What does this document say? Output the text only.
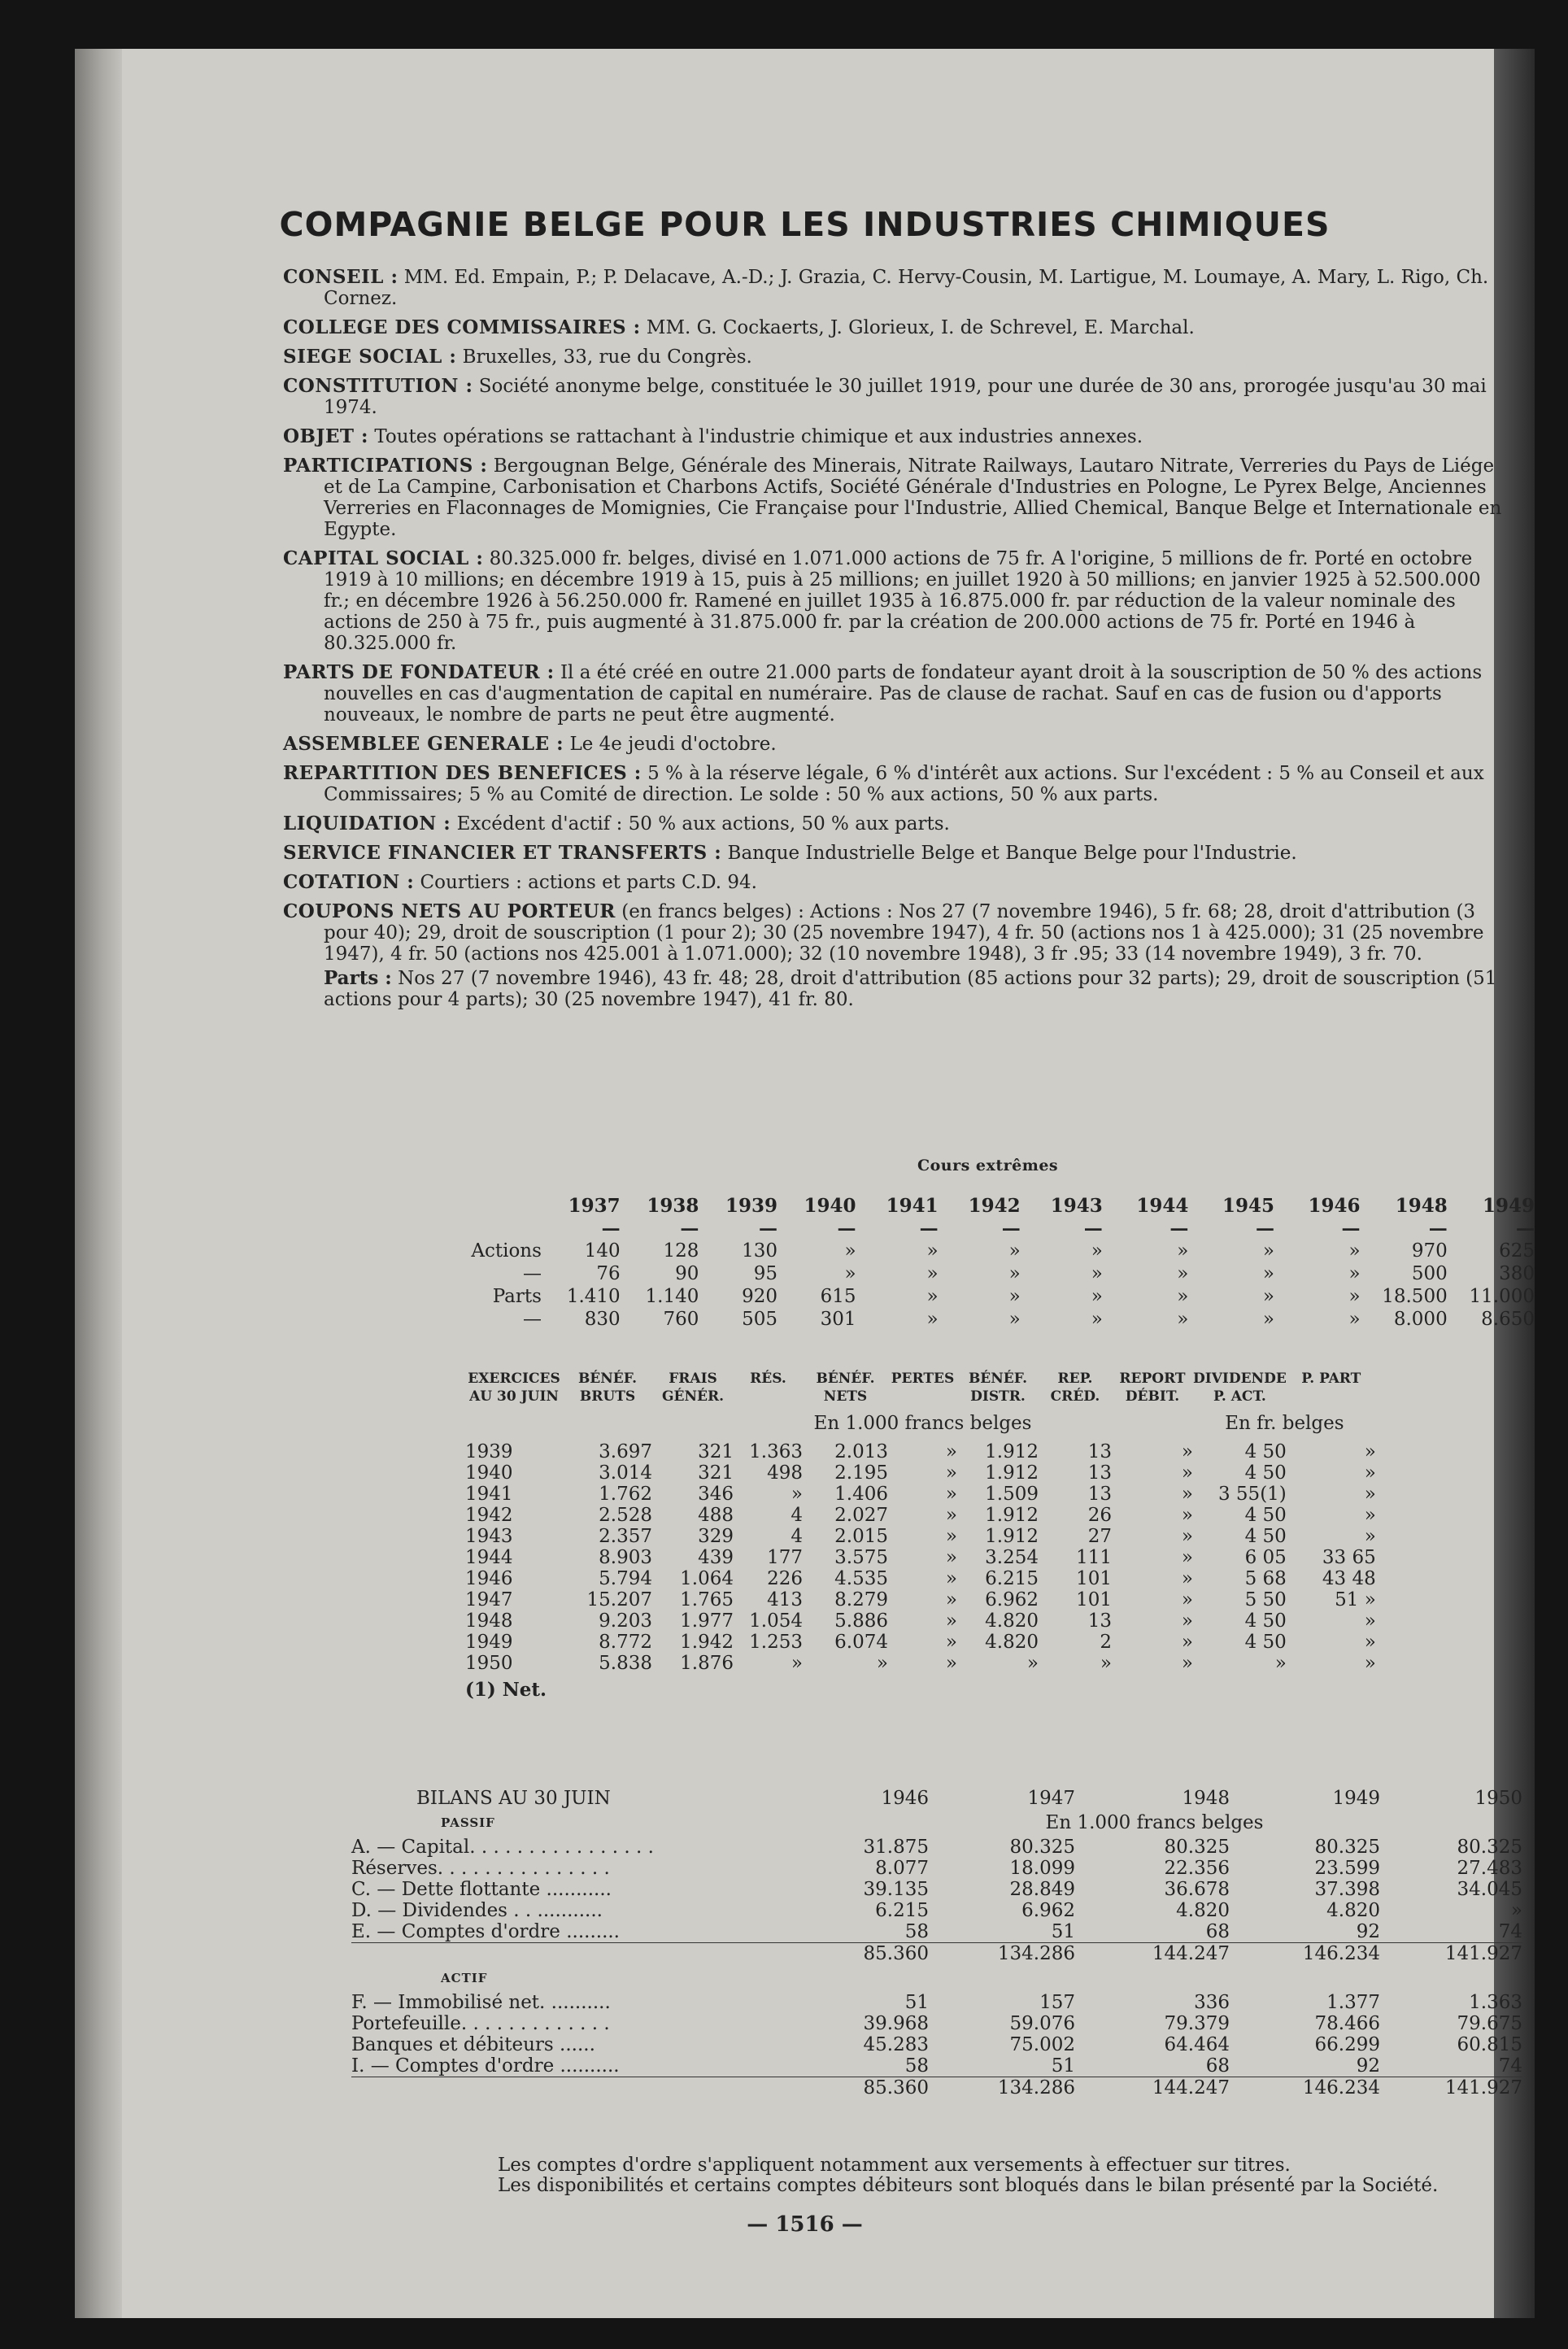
COMPAGNIE BELGE POUR LES INDUSTRIES CHIMIQUES
CONSEIL : MM. Ed. Empain, P.; P. Delacave, A.-D.; J. Grazia, C. Hervy-Cousin, M. Lartigue, M. Loumaye, A. Mary, L. Rigo, Ch. Cornez.
COLLEGE DES COMMISSAIRES : MM. G. Cockaerts, J. Glorieux, I. de Schrevel, E. Marchal.
SIEGE SOCIAL : Bruxelles, 33, rue du Congrès.
CONSTITUTION : Société anonyme belge, constituée le 30 juillet 1919, pour une durée de 30 ans, prorogée jusqu'au 30 mai 1974.
OBJET : Toutes opérations se rattachant à l'industrie chimique et aux industries annexes.
PARTICIPATIONS : Bergougnan Belge, Générale des Minerais, Nitrate Railways, Lautaro Nitrate, Verreries du Pays de Liége et de La Campine, Carbonisation et Charbons Actifs, Société Générale d'Industries en Pologne, Le Pyrex Belge, Anciennes Verreries en Flaconnages de Momignies, Cie Française pour l'Industrie, Allied Chemical, Banque Belge et Internationale en Egypte.
CAPITAL SOCIAL : 80.325.000 fr. belges, divisé en 1.071.000 actions de 75 fr. A l'origine, 5 millions de fr. Porté en octobre 1919 à 10 millions; en décembre 1919 à 15, puis à 25 millions; en juillet 1920 à 50 millions; en janvier 1925 à 52.500.000 fr.; en décembre 1926 à 56.250.000 fr. Ramené en juillet 1935 à 16.875.000 fr. par réduction de la valeur nominale des actions de 250 à 75 fr., puis augmenté à 31.875.000 fr. par la création de 200.000 actions de 75 fr. Porté en 1946 à 80.325.000 fr.
PARTS DE FONDATEUR : Il a été créé en outre 21.000 parts de fondateur ayant droit à la souscription de 50 % des actions nouvelles en cas d'augmentation de capital en numéraire. Pas de clause de rachat. Sauf en cas de fusion ou d'apports nouveaux, le nombre de parts ne peut être augmenté.
ASSEMBLEE GENERALE : Le 4e jeudi d'octobre.
REPARTITION DES BENEFICES : 5 % à la réserve légale, 6 % d'intérêt aux actions. Sur l'excédent : 5 % au Conseil et aux Commissaires; 5 % au Comité de direction. Le solde : 50 % aux actions, 50 % aux parts.
LIQUIDATION : Excédent d'actif : 50 % aux actions, 50 % aux parts.
SERVICE FINANCIER ET TRANSFERTS : Banque Industrielle Belge et Banque Belge pour l'Industrie.
COTATION : Courtiers : actions et parts C.D. 94.
COUPONS NETS AU PORTEUR (en francs belges) : Actions : Nos 27 (7 novembre 1946), 5 fr. 68; 28, droit d'attribution (3 pour 40); 29, droit de souscription (1 pour 2); 30 (25 novembre 1947), 4 fr. 50 (actions nos 1 à 425.000); 31 (25 novembre 1947), 4 fr. 50 (actions nos 425.001 à 1.071.000); 32 (10 novembre 1948), 3 fr .95; 33 (14 novembre 1949), 3 fr. 70.
Parts : Nos 27 (7 novembre 1946), 43 fr. 48; 28, droit d'attribution (85 actions pour 32 parts); 29, droit de souscription (51 actions pour 4 parts); 30 (25 novembre 1947), 41 fr. 80.
Cours extrêmes
	1937	1938	1939	1940	1941	1942	1943	1944	1945	1946	1948	1949
	—	—	—	—	—	—	—	—	—	—	—	—
Actions	140	128	130	»	»	»	»	»	»	»	970	625
—	76	90	95	»	»	»	»	»	»	»	500	380
Parts	1.410	1.140	920	615	»	»	»	»	»	»	18.500	11.000
—	830	760	505	301	»	»	»	»	»	»	8.000	8.650
EXERCICES AU 30 JUIN	BÉNÉF. BRUTS	FRAIS GÉNÉR.	RÉS.	BÉNÉF. NETS	PERTES	BÉNÉF. DISTR.	REP. CRÉD.	REPORT DÉBIT.	DIVIDENDE P. ACT.	P. PART
			En 1.000 francs belges						En fr. belges	
1939	3.697	321	1.363	2.013	»	1.912	13	»	4 50	»
1940	3.014	321	498	2.195	»	1.912	13	»	4 50	»
1941	1.762	346	»	1.406	»	1.509	13	»	3 55(1)	»
1942	2.528	488	4	2.027	»	1.912	26	»	4 50	»
1943	2.357	329	4	2.015	»	1.912	27	»	4 50	»
1944	8.903	439	177	3.575	»	3.254	111	»	6 05	33 65
1946	5.794	1.064	226	4.535	»	6.215	101	»	5 68	43 48
1947	15.207	1.765	413	8.279	»	6.962	101	»	5 50	51 »
1948	9.203	1.977	1.054	5.886	»	4.820	13	»	4 50	»
1949	8.772	1.942	1.253	6.074	»	4.820	2	»	4 50	»
1950	5.838	1.876	»	»	»	»	»	»	»	»
(1) Net.
BILANS AU 30 JUIN	1946	1947	1948	1949	1950
PASSIF		En 1.000 francs belges			
A. — Capital. . . . . . . . . . . . . . . .	31.875	80.325	80.325	80.325	80.325
Réserves. . . . . . . . . . . . . . .	8.077	18.099	22.356	23.599	27.483
C. — Dette flottante ...........	39.135	28.849	36.678	37.398	34.045
D. — Dividendes . . ...........	6.215	6.962	4.820	4.820	»
E. — Comptes d'ordre .........	58	51	68	92	74
	85.360	134.286	144.247	146.234	141.927
ACTIF					
F. — Immobilisé net. ..........	51	157	336	1.377	1.363
Portefeuille. . . . . . . . . . . . .	39.968	59.076	79.379	78.466	79.675
Banques et débiteurs ......	45.283	75.002	64.464	66.299	60.815
I. — Comptes d'ordre ..........	58	51	68	92	74
	85.360	134.286	144.247	146.234	141.927
Les comptes d'ordre s'appliquent notamment aux versements à effectuer sur titres.
Les disponibilités et certains comptes débiteurs sont bloqués dans le bilan présenté par la Société.
— 1516 —
